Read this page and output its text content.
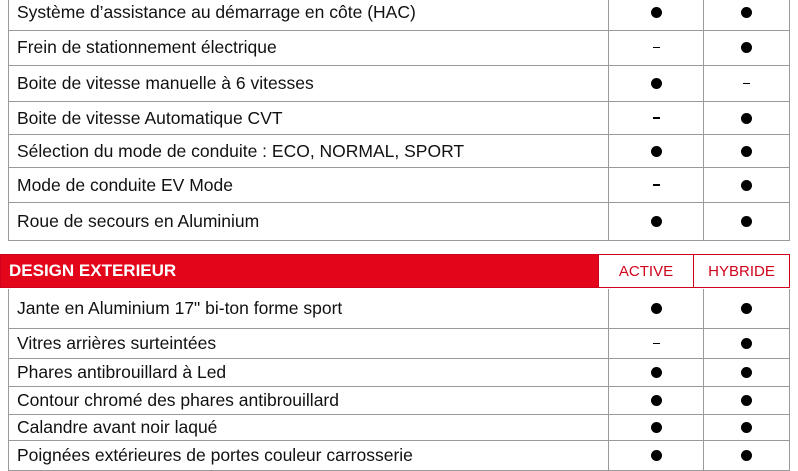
Système d’assistance au démarrage en côte (HAC)
Frein de stationnement électrique
Boite de vitesse manuelle à 6 vitesses
Boite de vitesse Automatique CVT
Sélection du mode de conduite : ECO, NORMAL, SPORT
Mode de conduite EV Mode
Roue de secours en Aluminium
DESIGN EXTERIEUR	ACTIVE	HYBRIDE
Jante en Aluminium 17" bi-ton forme sport
Vitres arrières surteintées
Phares antibrouillard à Led
Contour chromé des phares antibrouillard
Calandre avant noir laqué
Poignées extérieures de portes couleur carrosserie
